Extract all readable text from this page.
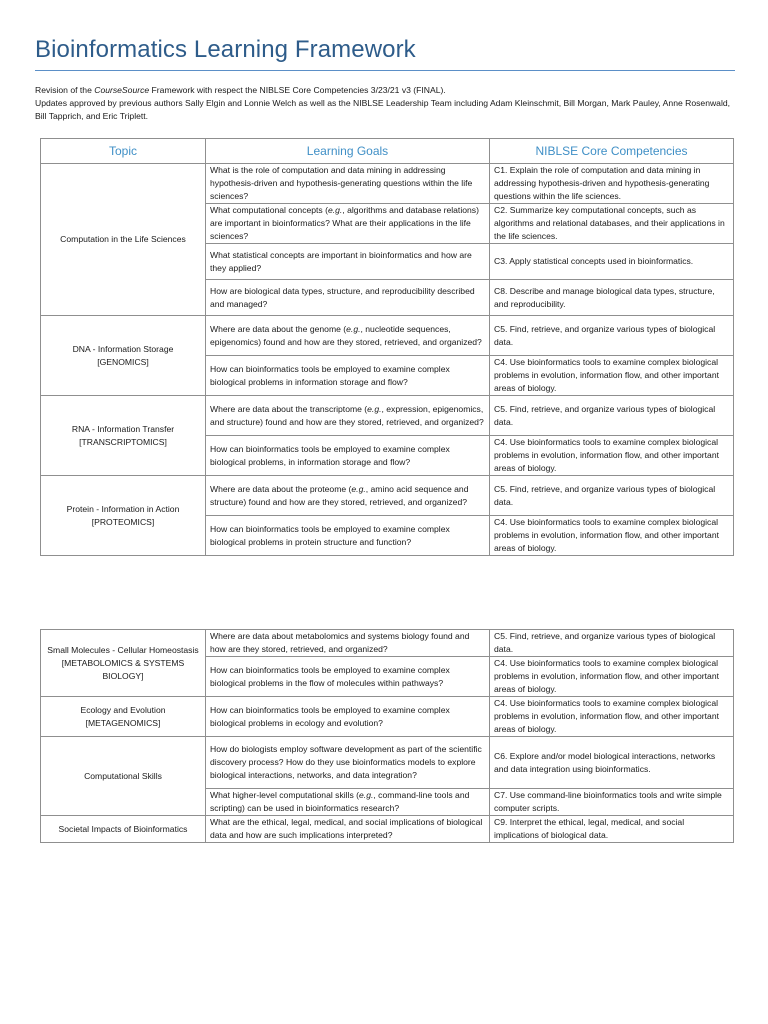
Bioinformatics Learning Framework

Revision of the CourseSource Framework with respect the NIBLSE Core Competencies 3/23/21 v3 (FINAL).

Updates approved by previous authors Sally Elgin and Lonnie Welch as well as the NIBLSE Leadership Team including Adam Kleinschmit, Bill Morgan, Mark Pauley, Anne Rosenwald, Bill Tapprich, and Eric Triplett.

Topic	Learning Goals	NIBLSE Core Competencies
Computation in the Life Sciences	What is the role of computation and data mining in addressing hypothesis-driven and hypothesis-generating questions within the life sciences?	C1. Explain the role of computation and data mining in addressing hypothesis-driven and hypothesis-generating questions within the life sciences.
	What computational concepts (e.g., algorithms and database relations) are important in bioinformatics? What are their applications in the life sciences?	C2. Summarize key computational concepts, such as algorithms and relational databases, and their applications in the life sciences.
	What statistical concepts are important in bioinformatics and how are they applied?	C3. Apply statistical concepts used in bioinformatics.
	How are biological data types, structure, and reproducibility described and managed?	C8. Describe and manage biological data types, structure, and reproducibility.
DNA - Information Storage
[GENOMICS]	Where are data about the genome (e.g., nucleotide sequences, epigenomics) found and how are they stored, retrieved, and organized?	C5. Find, retrieve, and organize various types of biological data.
	How can bioinformatics tools be employed to examine complex biological problems in information storage and flow?	C4. Use bioinformatics tools to examine complex biological problems in evolution, information flow, and other important areas of biology.
RNA - Information Transfer
[TRANSCRIPTOMICS]	Where are data about the transcriptome (e.g., expression, epigenomics, and structure) found and how are they stored, retrieved, and organized?	C5. Find, retrieve, and organize various types of biological data.
	How can bioinformatics tools be employed to examine complex biological problems, in information storage and flow?	C4. Use bioinformatics tools to examine complex biological problems in evolution, information flow, and other important areas of biology.
Protein - Information in Action
[PROTEOMICS]	Where are data about the proteome (e.g., amino acid sequence and structure) found and how are they stored, retrieved, and organized?	C5. Find, retrieve, and organize various types of biological data.
	How can bioinformatics tools be employed to examine complex biological problems in protein structure and function?	C4. Use bioinformatics tools to examine complex biological problems in evolution, information flow, and other important areas of biology.
Small Molecules - Cellular Homeostasis [METABOLOMICS & SYSTEMS BIOLOGY]	Where are data about metabolomics and systems biology found and how are they stored, retrieved, and organized?	C5. Find, retrieve, and organize various types of biological data.
	How can bioinformatics tools be employed to examine complex biological problems in the flow of molecules within pathways?	C4. Use bioinformatics tools to examine complex biological problems in evolution, information flow, and other important areas of biology.
Ecology and Evolution
[METAGENOMICS]	How can bioinformatics tools be employed to examine complex biological problems in ecology and evolution?	C4. Use bioinformatics tools to examine complex biological problems in evolution, information flow, and other important areas of biology.
Computational Skills	How do biologists employ software development as part of the scientific discovery process? How do they use bioinformatics models to explore biological interactions, networks, and data integration?	C6. Explore and/or model biological interactions, networks and data integration using bioinformatics.
	What higher-level computational skills (e.g., command-line tools and scripting) can be used in bioinformatics research?	C7. Use command-line bioinformatics tools and write simple computer scripts.
Societal Impacts of Bioinformatics	What are the ethical, legal, medical, and social implications of biological data and how are such implications interpreted?	C9. Interpret the ethical, legal, medical, and social implications of biological data.
